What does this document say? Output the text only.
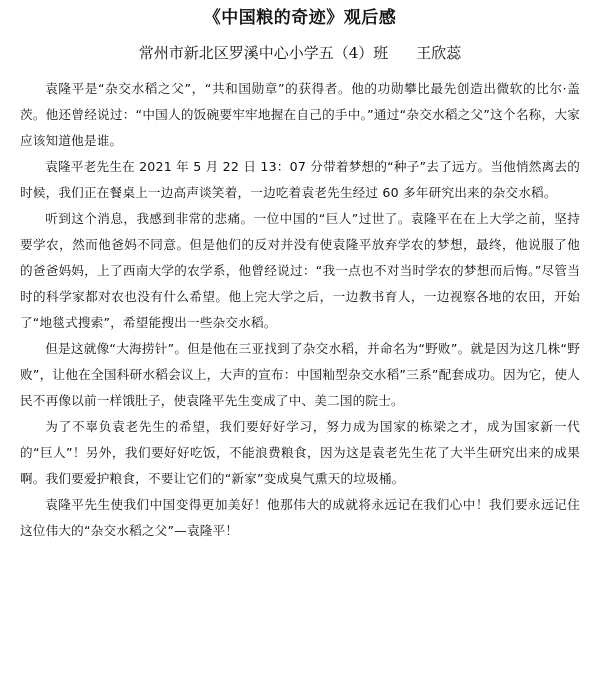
《中国粮的奇迹》观后感
常州市新北区罗溪中心小学五（4）班 王欣蕊

袁隆平是“杂交水稻之父”，“共和国勋章”的获得者。他的功勋攀比最先创造出微软的比尔·盖茨。他还曾经说过：“中国人的饭碗要牢牢地握在自己的手中。”通过“杂交水稻之父”这个名称，大家应该知道他是谁。

袁隆平老先生在 2021 年 5 月 22 日 13：07 分带着梦想的“种子”去了远方。当他悄然离去的时候，我们正在餐桌上一边高声谈笑着，一边吃着袁老先生经过 60 多年研究出来的杂交水稻。

听到这个消息，我感到非常的悲痛。一位中国的“巨人”过世了。袁隆平在在上大学之前，坚持要学农，然而他爸妈不同意。但是他们的反对并没有使袁隆平放弃学农的梦想，最终，他说服了他的爸爸妈妈，上了西南大学的农学系，他曾经说过：“我一点也不对当时学农的梦想而后悔。”尽管当时的科学家都对农也没有什么希望。他上完大学之后，一边教书育人，一边视察各地的农田，开始了“地毯式搜索”，希望能搜出一些杂交水稻。

但是这就像“大海捞针”。但是他在三亚找到了杂交水稻，并命名为“野败”。就是因为这几株“野败”，让他在全国科研水稻会议上，大声的宣布：中国籼型杂交水稻”三系”配套成功。因为它，使人民不再像以前一样饿肚子，使袁隆平先生变成了中、美二国的院士。

为了不辜负袁老先生的希望，我们要好好学习，努力成为国家的栋梁之才，成为国家新一代的“巨人”！另外，我们要好好吃饭，不能浪费粮食，因为这是袁老先生花了大半生研究出来的成果啊。我们要爱护粮食，不要让它们的“新家”变成臭气熏天的垃圾桶。

袁隆平先生使我们中国变得更加美好！他那伟大的成就将永远记在我们心中！我们要永远记住这位伟大的“杂交水稻之父”—袁隆平！
